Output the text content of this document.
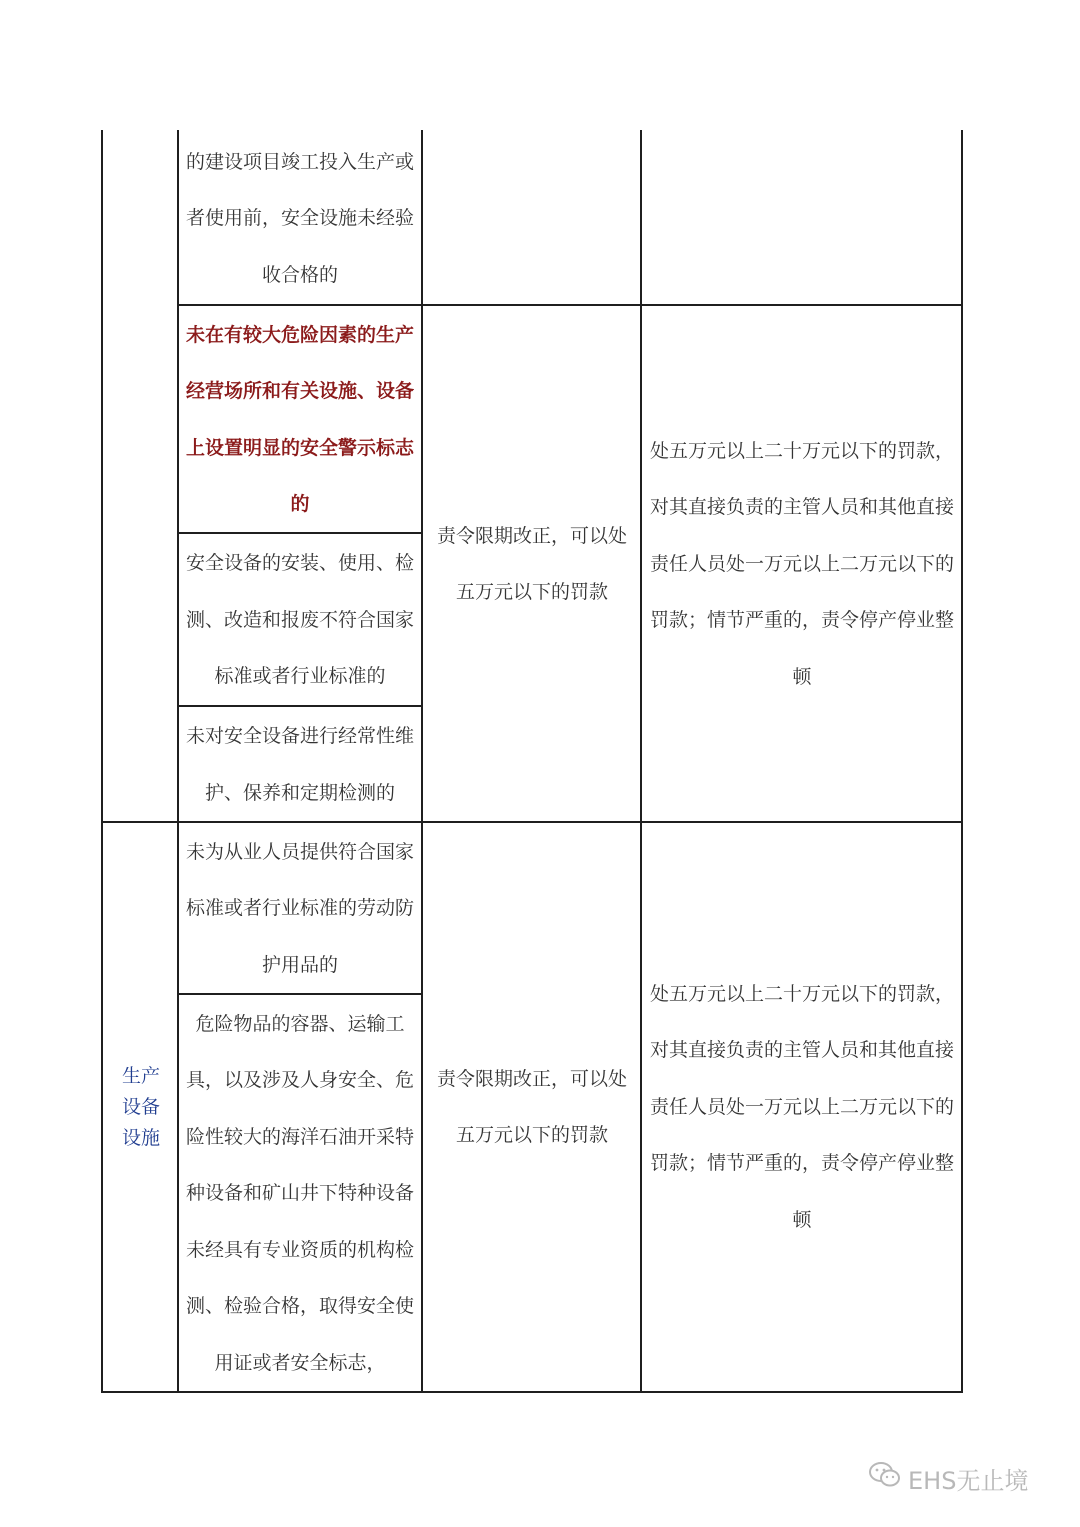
的建设项目竣工投入生产或者使用前，安全设施未经验收合格的
未在有较大危险因素的生产经营场所和有关设施、设备上设置明显的安全警示标志的
安全设备的安装、使用、检测、改造和报废不符合国家标准或者行业标准的
未对安全设备进行经常性维护、保养和定期检测的
责令限期改正，可以处五万元以下的罚款
处五万元以上二十万元以下的罚款，对其直接负责的主管人员和其他直接责任人员处一万元以上二万元以下的罚款；情节严重的，责令停产停业整顿
生产设备设施
未为从业人员提供符合国家标准或者行业标准的劳动防护用品的
危险物品的容器、运输工具，以及涉及人身安全、危险性较大的海洋石油开采特种设备和矿山井下特种设备未经具有专业资质的机构检测、检验合格，取得安全使用证或者安全标志，
责令限期改正，可以处五万元以下的罚款
处五万元以上二十万元以下的罚款，对其直接负责的主管人员和其他直接责任人员处一万元以上二万元以下的罚款；情节严重的，责令停产停业整顿
EHS无止境
